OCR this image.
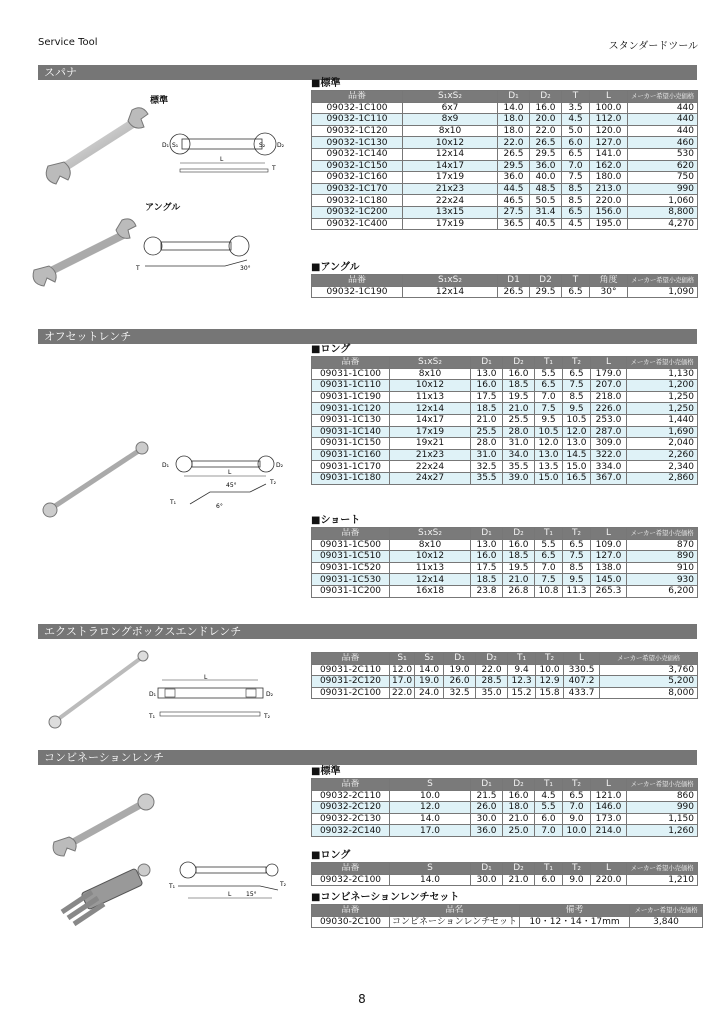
Service Tool	スタンダードツール
スパナ
標準
アングル
D₁ S₁	S₂ D₂
L
T
T	30°
■標準
品番	S₁xS₂	D₁	D₂	T	L	メーカー希望小売価格
09032-1C100	6x7	14.0	16.0	3.5	100.0	440
09032-1C110	8x9	18.0	20.0	4.5	112.0	440
09032-1C120	8x10	18.0	22.0	5.0	120.0	440
09032-1C130	10x12	22.0	26.5	6.0	127.0	460
09032-1C140	12x14	26.5	29.5	6.5	141.0	530
09032-1C150	14x17	29.5	36.0	7.0	162.0	620
09032-1C160	17x19	36.0	40.0	7.5	180.0	750
09032-1C170	21x23	44.5	48.5	8.5	213.0	990
09032-1C180	22x24	46.5	50.5	8.5	220.0	1,060
09032-1C200	13x15	27.5	31.4	6.5	156.0	8,800
09032-1C400	17x19	36.5	40.5	4.5	195.0	4,270
■アングル
品番	S₁xS₂	D1	D2	T	角度	メーカー希望小売価格
09032-1C190	12x14	26.5	29.5	6.5	30°	1,090
オフセットレンチ
D₁	D₂
L
T₂
T₁
45°
6°
■ロング
品番	S₁xS₂	D₁	D₂	T₁	T₂	L	メーカー希望小売価格
09031-1C100	8x10	13.0	16.0	5.5	6.5	179.0	1,130
09031-1C110	10x12	16.0	18.5	6.5	7.5	207.0	1,200
09031-1C190	11x13	17.5	19.5	7.0	8.5	218.0	1,250
09031-1C120	12x14	18.5	21.0	7.5	9.5	226.0	1,250
09031-1C130	14x17	21.0	25.5	9.5	10.5	253.0	1,440
09031-1C140	17x19	25.5	28.0	10.5	12.0	287.0	1,690
09031-1C150	19x21	28.0	31.0	12.0	13.0	309.0	2,040
09031-1C160	21x23	31.0	34.0	13.0	14.5	322.0	2,260
09031-1C170	22x24	32.5	35.5	13.5	15.0	334.0	2,340
09031-1C180	24x27	35.5	39.0	15.0	16.5	367.0	2,860
■ショート
品番	S₁xS₂	D₁	D₂	T₁	T₂	L	メーカー希望小売価格
09031-1C500	8x10	13.0	16.0	5.5	6.5	109.0	870
09031-1C510	10x12	16.0	18.5	6.5	7.5	127.0	890
09031-1C520	11x13	17.5	19.5	7.0	8.5	138.0	910
09031-1C530	12x14	18.5	21.0	7.5	9.5	145.0	930
09031-1C200	16x18	23.8	26.8	10.8	11.3	265.3	6,200
エクストラロングボックスエンドレンチ
L
D₁	D₂
T₁	T₂
品番	S₁	S₂	D₁	D₂	T₁	T₂	L	メーカー希望小売価格
09031-2C110	12.0	14.0	19.0	22.0	9.4	10.0	330.5	3,760
09031-2C120	17.0	19.0	26.0	28.5	12.3	12.9	407.2	5,200
09031-2C100	22.0	24.0	32.5	35.0	15.2	15.8	433.7	8,000
コンビネーションレンチ
T₁	T₂
L 15°
■標準
品番	S	D₁	D₂	T₁	T₂	L	メーカー希望小売価格
09032-2C110	10.0	21.5	16.0	4.5	6.5	121.0	860
09032-2C120	12.0	26.0	18.0	5.5	7.0	146.0	990
09032-2C130	14.0	30.0	21.0	6.0	9.0	173.0	1,150
09032-2C140	17.0	36.0	25.0	7.0	10.0	214.0	1,260
■ロング
品番	S	D₁	D₂	T₁	T₂	L	メーカー希望小売価格
09032-2C100	14.0	30.0	21.0	6.0	9.0	220.0	1,210
■コンビネーションレンチセット
品番	品名	備考	メーカー希望小売価格
09030-2C100	コンビネーションレンチセット	10・12・14・17mm	3,840
8
